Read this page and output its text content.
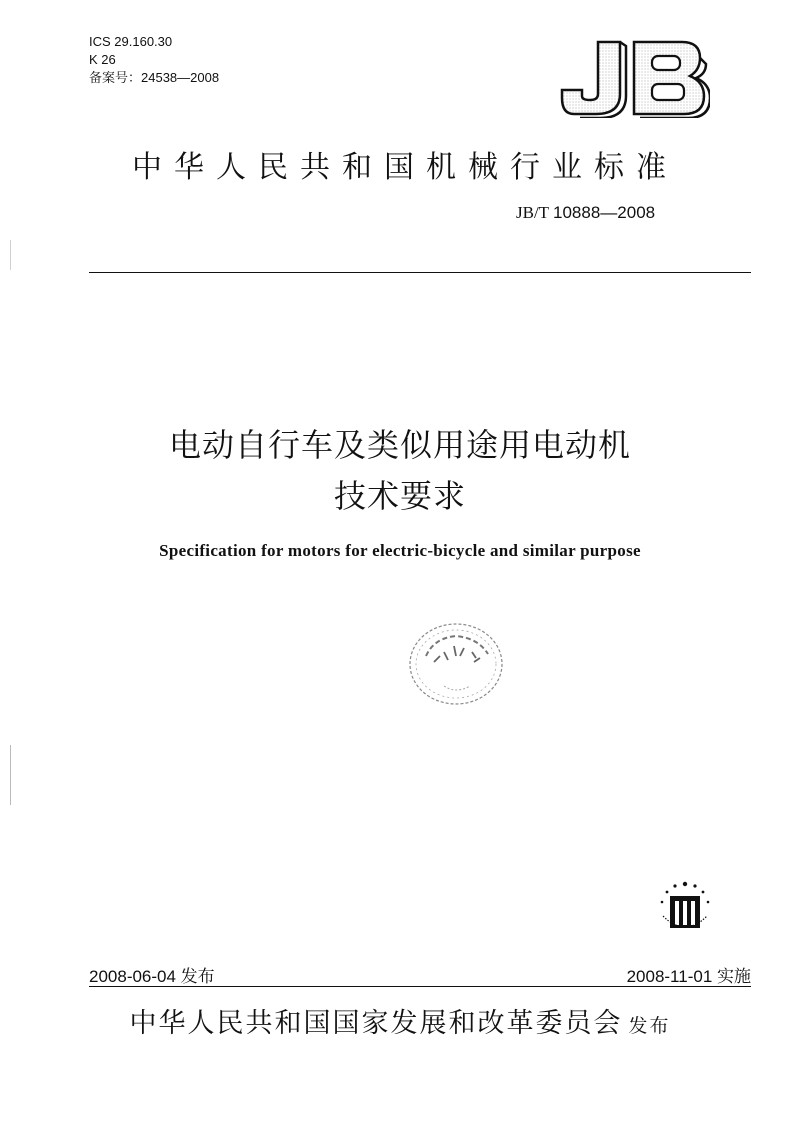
ICS 29.160.30
K 26
备案号：24538—2008
中华人民共和国机械行业标准
JB/T 10888—2008
电动自行车及类似用途用电动机
技术要求
Specification for motors for electric-bicycle and similar purpose
2008-06-04 发布	2008-11-01 实施
中华人民共和国国家发展和改革委员会 发布
